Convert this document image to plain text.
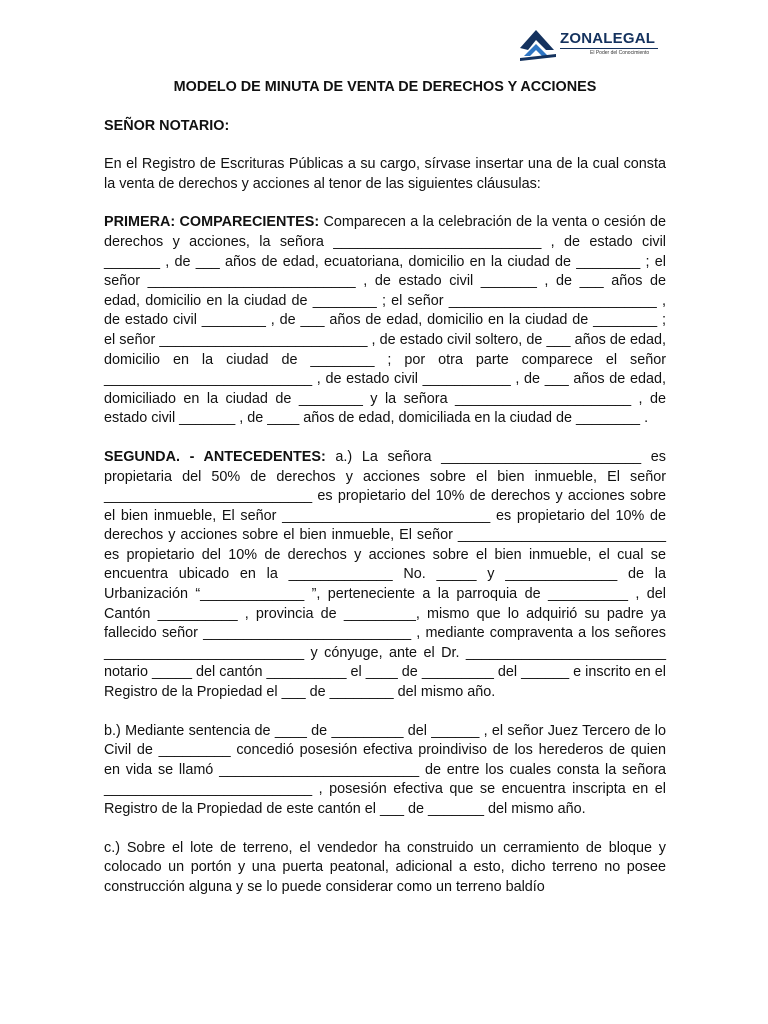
ZONALEGAL
El Poder del Conocimiento
MODELO DE MINUTA DE VENTA DE DERECHOS Y ACCIONES
SEÑOR NOTARIO:

En el Registro de Escrituras Públicas a su cargo, sírvase insertar una de la cual consta la venta de derechos y acciones al tenor de las siguientes cláusulas:

PRIMERA: COMPARECIENTES: Comparecen a la celebración de la venta o cesión de derechos y acciones, la señora __________________________ , de estado civil _______ , de ___ años de edad, ecuatoriana, domicilio en la ciudad de ________ ; el señor __________________________ , de estado civil _______ , de ___ años de edad, domicilio en la ciudad de ________ ; el señor __________________________ , de estado civil ________ , de ___ años de edad, domicilio en la ciudad de ________ ; el señor __________________________ , de estado civil soltero, de ___ años de edad, domicilio en la ciudad de ________ ; por otra parte comparece el señor __________________________ , de estado civil ___________ , de ___ años de edad, domiciliado en la ciudad de ________ y la señora ______________________ , de estado civil _______ , de ____ años de edad, domiciliada en la ciudad de ________ .

SEGUNDA. - ANTECEDENTES: a.) La señora _________________________ es propietaria del 50% de derechos y acciones sobre el bien inmueble, El señor __________________________ es propietario del 10% de derechos y acciones sobre el bien inmueble, El señor __________________________ es propietario del 10% de derechos y acciones sobre el bien inmueble, El señor __________________________ es propietario del 10% de derechos y acciones sobre el bien inmueble, el cual se encuentra ubicado en la _____________ No. _____ y ______________ de la Urbanización “_____________ ”, perteneciente a la parroquia de __________ , del Cantón __________ , provincia de _________, mismo que lo adquirió su padre ya fallecido señor __________________________ , mediante compraventa a los señores _________________________ y cónyuge, ante el Dr. _________________________ notario _____ del cantón __________ el ____ de _________ del ______ e inscrito en el Registro de la Propiedad el ___ de ________ del mismo año.

b.) Mediante sentencia de ____ de _________ del ______ , el señor Juez Tercero de lo Civil de _________ concedió posesión efectiva proindiviso de los herederos de quien en vida se llamó _________________________ de entre los cuales consta la señora __________________________ , posesión efectiva que se encuentra inscripta en el Registro de la Propiedad de este cantón el ___ de _______ del mismo año.

c.) Sobre el lote de terreno, el vendedor ha construido un cerramiento de bloque y colocado un portón y una puerta peatonal, adicional a esto, dicho terreno no posee construcción alguna y se lo puede considerar como un terreno baldío
